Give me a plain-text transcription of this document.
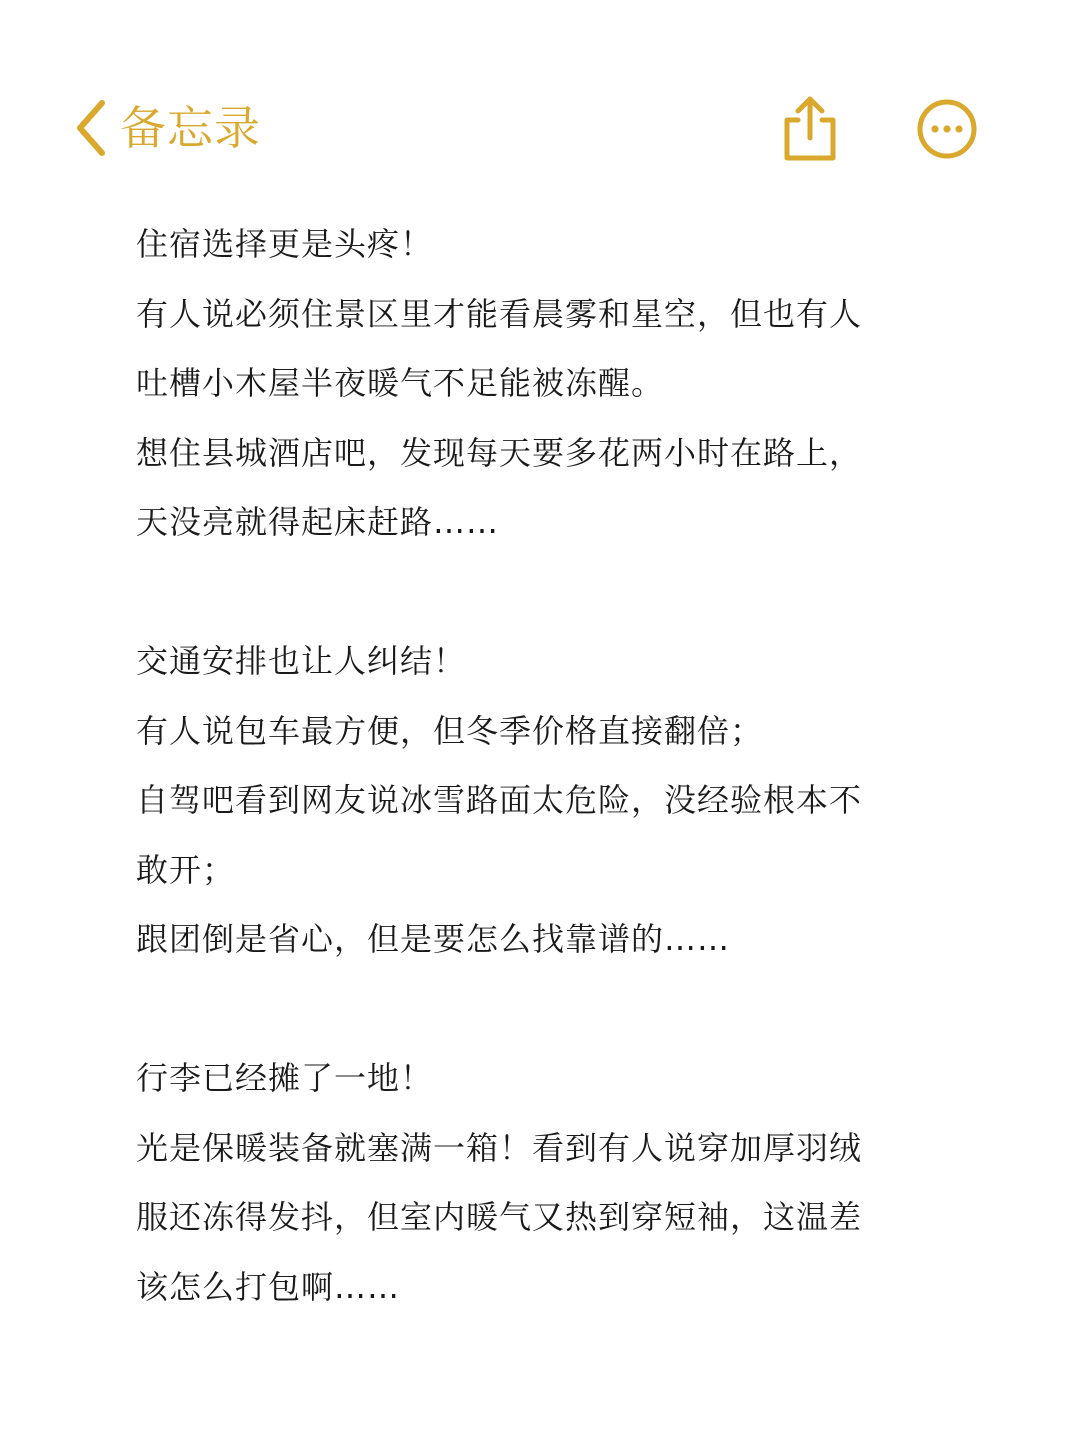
备忘录
住宿选择更是头疼！
有人说必须住景区里才能看晨雾和星空，但也有人
吐槽小木屋半夜暖气不足能被冻醒。
想住县城酒店吧，发现每天要多花两小时在路上，
天没亮就得起床赶路……
交通安排也让人纠结！
有人说包车最方便，但冬季价格直接翻倍；
自驾吧看到网友说冰雪路面太危险，没经验根本不
敢开；
跟团倒是省心，但是要怎么找靠谱的……
行李已经摊了一地！
光是保暖装备就塞满一箱！看到有人说穿加厚羽绒
服还冻得发抖，但室内暖气又热到穿短袖，这温差
该怎么打包啊……
